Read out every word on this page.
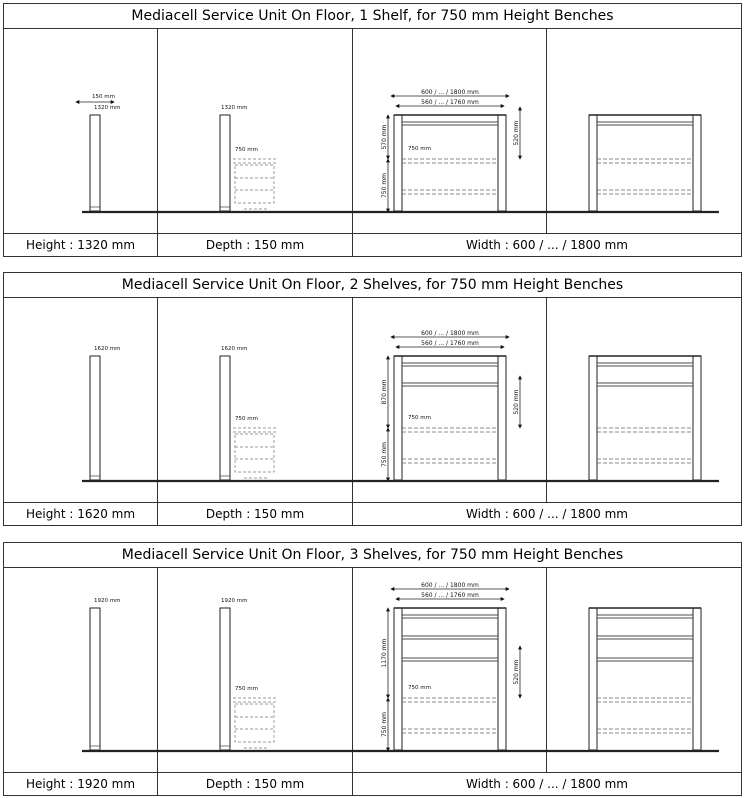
Mediacell Service Unit On Floor, 1 Shelf, for 750 mm Height Benches
1320 mm
150 mm
1320 mm
750 mm
600 / ... / 1800 mm
560 / ... / 1760 mm
570 mm
750 mm
520 mm
750 mm
Height : 1320 mm	Depth : 150 mm	Width : 600 / ... / 1800 mm
Mediacell Service Unit On Floor, 2 Shelves, for 750 mm Height Benches
1620 mm	1620 mm
750 mm
600 / ... / 1800 mm
560 / ... / 1760 mm
870 mm
750 mm
520 mm
750 mm
Height : 1620 mm	Depth : 150 mm	Width : 600 / ... / 1800 mm
Mediacell Service Unit On Floor, 3 Shelves, for 750 mm Height Benches
1920 mm	1920 mm
750 mm
600 / ... / 1800 mm
560 / ... / 1760 mm
1170 mm
750 mm
520 mm
750 mm
Height : 1920 mm	Depth : 150 mm	Width : 600 / ... / 1800 mm
